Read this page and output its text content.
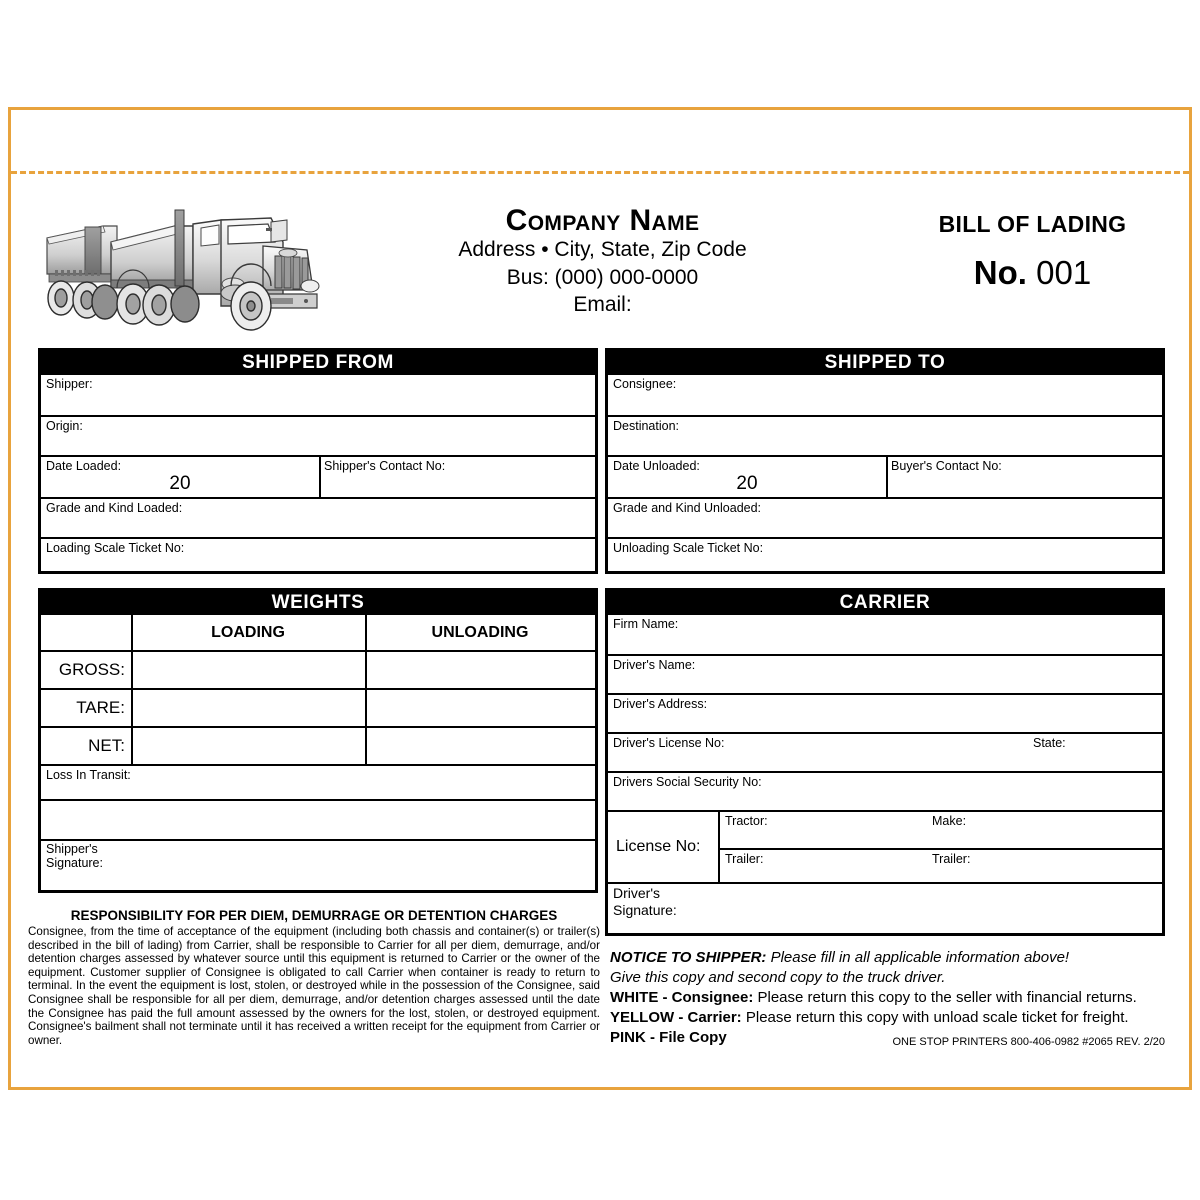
Company Name
Address • City, State, Zip Code
Bus: (000) 000-0000
Email:
BILL OF LADING
No. 001
SHIPPED FROM
Shipper:
Origin:
Date Loaded:
20
Shipper's Contact No:
Grade and Kind Loaded:
Loading Scale Ticket No:
SHIPPED TO
Consignee:
Destination:
Date Unloaded:
20
Buyer's Contact No:
Grade and Kind Unloaded:
Unloading Scale Ticket No:
WEIGHTS
LOADING	UNLOADING
GROSS:
TARE:
NET:
Loss In Transit:
Shipper's
Signature:
CARRIER
Firm Name:
Driver's Name:
Driver's Address:
Driver's License No:	State:
Drivers Social Security No:
License No:
Tractor:	Make:
Trailer:	Trailer:
Driver's
Signature:
RESPONSIBILITY FOR PER DIEM, DEMURRAGE OR DETENTION CHARGES
Consignee, from the time of acceptance of the equipment (including both chassis and container(s) or trailer(s) described in the bill of lading) from Carrier, shall be responsible to Carrier for all per diem, demurrage, and/or detention charges assessed by whatever source until this equipment is returned to Carrier or the owner of the equipment. Customer supplier of Consignee is obligated to call Carrier when container is ready to return to terminal. In the event the equipment is lost, stolen, or destroyed while in the possession of the Consignee, said Consignee shall be responsible for all per diem, demurrage, and/or detention charges assessed until the date the Consignee has paid the full amount assessed by the owners for the lost, stolen, or destroyed equipment. Consignee's bailment shall not terminate until it has received a written receipt for the equipment from Carrier or owner.
NOTICE TO SHIPPER: Please fill in all applicable information above!
Give this copy and second copy to the truck driver.
WHITE - Consignee: Please return this copy to the seller with financial returns.
YELLOW - Carrier: Please return this copy with unload scale ticket for freight.
PINK - File Copy	ONE STOP PRINTERS 800-406-0982 #2065 REV. 2/20
